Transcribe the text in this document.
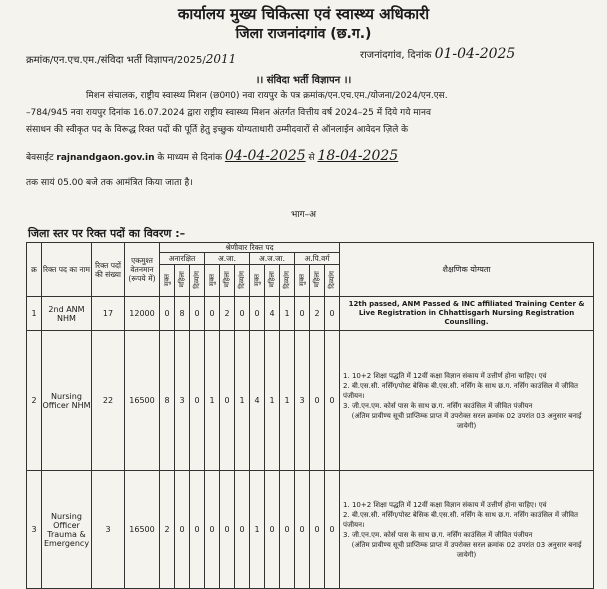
कार्यालय मुख्य चिकित्सा एवं स्वास्थ्य अधिकारी
जिला राजनांदगांव (छ.ग.)
क्रमांक/एन.एच.एम./संविदा भर्ती विज्ञापन/2025/2011	राजनांदगांव, दिनांक 01-04-2025
।। संविदा भर्ती विज्ञापन ।।
मिशन संचालक, राष्ट्रीय स्वास्थ्य मिशन (छ0ग0) नवा रायपुर के पत्र क्रमांक/एन.एच.एम./योजना/2024/एन.एस.
–784/945 नवा रायपुर दिनांक 16.07.2024 द्वारा राष्ट्रीय स्वास्थ्य मिशन अंतर्गत वित्तीय वर्ष 2024–25 में दिये गये मानव
संसाधन की स्वीकृत पद के विरूद्ध रिक्त पदों की पूर्ति हेतु इच्छुक योग्यताधारी उम्मीदवारों से ऑनलाईन आवेदन ज़िले के
बेवसाईट rajnandgaon.gov.in के माध्यम से दिनांक 04-04-2025 से 18-04-2025
तक सायं 05.00 बजे तक आमंत्रित किया जाता है।
भाग–अ
जिला स्तर पर रिक्त पदों का विवरण :–
क्र	रिक्त पद का नाम	रिक्त पदों की संख्या	एकमुश्त वेतनमान (रूपये में)	श्रेणीवार रिक्त पद												शैक्षणिक योग्यता
				अनारक्षित			अ.जा.			अ.ज.जा.			अ.पि.वर्ग			
				मुक्त	महिला	दिव्यांग	मुक्त	महिला	दिव्यांग	मुक्त	महिला	दिव्यांग	मुक्त	महिला	दिव्यांग	
1	2nd ANM NHM	17	12000	0	8	0	0	2	0	0	4	1	0	2	0	12th passed, ANM Passed & INC affiliated Training Center & Live Registration in Chhattisgarh Nursing Registration Counslling.
2	Nursing Officer NHM	22	16500	8	3	0	1	0	1	4	1	1	3	0	0	1. 10+2 शिक्षा पद्धति में 12वीं कक्षा विज्ञान संकाय में उत्तीर्ण होना चाहिए। एवं
2. बी.एस.सी. नर्सिंग/पोस्ट बेसिक बी.एस.सी. नर्सिंग के साथ छ.ग. नर्सिंग काउंसिल में जीवित पंजीयन।
3. जी.एन.एम. कोर्स पास के साथ छ.ग. नर्सिंग काउंसिल में जीवित पंजीयन
(अंतिम प्रावीण्य सूची प्राप्तिम्क प्राप्त में उपरोक्त सरल क्रमांक 02 उपरांत 03 अनुसार बनाई जायेगी)

3	Nursing Officer Trauma & Emergency	3	16500	2	0	0	0	0	0	1	0	0	0	0	0	1. 10+2 शिक्षा पद्धति में 12वीं कक्षा विज्ञान संकाय में उत्तीर्ण होना चाहिए। एवं
2. बी.एस.सी. नर्सिंग/पोस्ट बेसिक बी.एस.सी. नर्सिंग के साथ छ.ग. नर्सिंग काउंसिल में जीवित पंजीयन।
3. जी.एन.एम. कोर्स पास के साथ छ.ग. नर्सिंग काउंसिल में जीवित पंजीयन
(अंतिम प्रावीण्य सूची प्राप्तिम्क प्राप्त में उपरोक्त सरल क्रमांक 02 उपरांत 03 अनुसार बनाई जायेगी)
